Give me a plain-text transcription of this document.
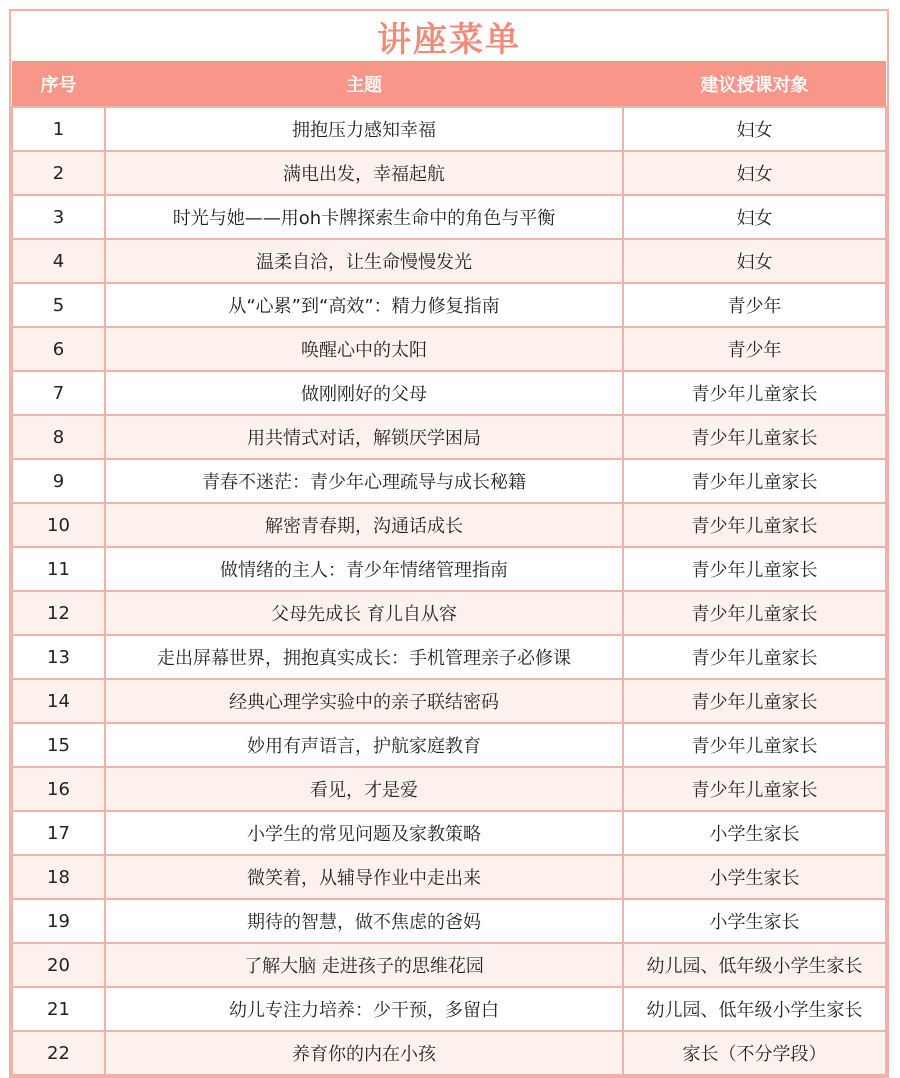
讲座菜单
序号	主题	建议授课对象
1	拥抱压力感知幸福	妇女
2	满电出发，幸福起航	妇女
3	时光与她——用oh卡牌探索生命中的角色与平衡	妇女
4	温柔自洽，让生命慢慢发光	妇女
5	从“心累”到“高效”：精力修复指南	青少年
6	唤醒心中的太阳	青少年
7	做刚刚好的父母	青少年儿童家长
8	用共情式对话，解锁厌学困局	青少年儿童家长
9	青春不迷茫：青少年心理疏导与成长秘籍	青少年儿童家长
10	解密青春期，沟通话成长	青少年儿童家长
11	做情绪的主人：青少年情绪管理指南	青少年儿童家长
12	父母先成长 育儿自从容	青少年儿童家长
13	走出屏幕世界，拥抱真实成长：手机管理亲子必修课	青少年儿童家长
14	经典心理学实验中的亲子联结密码	青少年儿童家长
15	妙用有声语言，护航家庭教育	青少年儿童家长
16	看见，才是爱	青少年儿童家长
17	小学生的常见问题及家教策略	小学生家长
18	微笑着，从辅导作业中走出来	小学生家长
19	期待的智慧，做不焦虑的爸妈	小学生家长
20	了解大脑 走进孩子的思维花园	幼儿园、低年级小学生家长
21	幼儿专注力培养：少干预，多留白	幼儿园、低年级小学生家长
22	养育你的内在小孩	家长（不分学段）
